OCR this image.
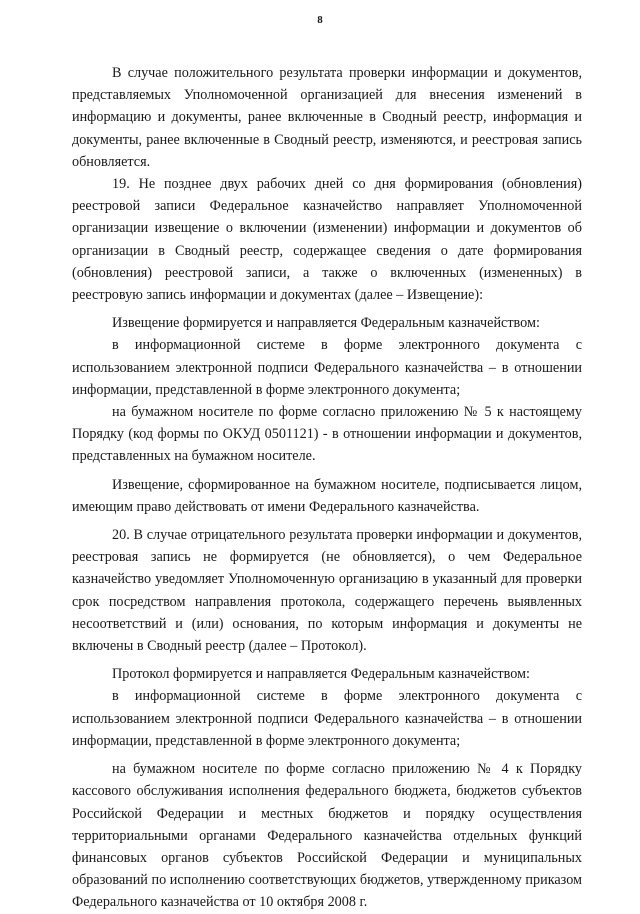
8

В случае положительного результата проверки информации и документов, представляемых Уполномоченной организацией для внесения изменений в информацию и документы, ранее включенные в Сводный реестр, информация и документы, ранее включенные в Сводный реестр, изменяются, и реестровая запись обновляется.

19. Не позднее двух рабочих дней со дня формирования (обновления) реестровой записи Федеральное казначейство направляет Уполномоченной организации извещение о включении (изменении) информации и документов об организации в Сводный реестр, содержащее сведения о дате формирования (обновления) реестровой записи, а также о включенных (измененных) в реестровую запись информации и документах (далее – Извещение):

Извещение формируется и направляется Федеральным казначейством:

в информационной системе в форме электронного документа с использованием электронной подписи Федерального казначейства – в отношении информации, представленной в форме электронного документа;

на бумажном носителе по форме согласно приложению № 5 к настоящему Порядку (код формы по ОКУД 0501121) - в отношении информации и документов, представленных на бумажном носителе.

Извещение, сформированное на бумажном носителе, подписывается лицом, имеющим право действовать от имени Федерального казначейства.

20. В случае отрицательного результата проверки информации и документов, реестровая запись не формируется (не обновляется), о чем Федеральное казначейство уведомляет Уполномоченную организацию в указанный для проверки срок посредством направления протокола, содержащего перечень выявленных несоответствий и (или) основания, по которым информация и документы не включены в Сводный реестр (далее – Протокол).

Протокол формируется и направляется Федеральным казначейством:

в информационной системе в форме электронного документа с использованием электронной подписи Федерального казначейства – в отношении информации, представленной в форме электронного документа;

на бумажном носителе по форме согласно приложению № 4 к Порядку кассового обслуживания исполнения федерального бюджета, бюджетов субъектов Российской Федерации и местных бюджетов и порядку осуществления территориальными органами Федерального казначейства отдельных функций финансовых органов субъектов Российской Федерации и муниципальных образований по исполнению соответствующих бюджетов, утвержденному приказом Федерального казначейства от 10 октября 2008 г.
